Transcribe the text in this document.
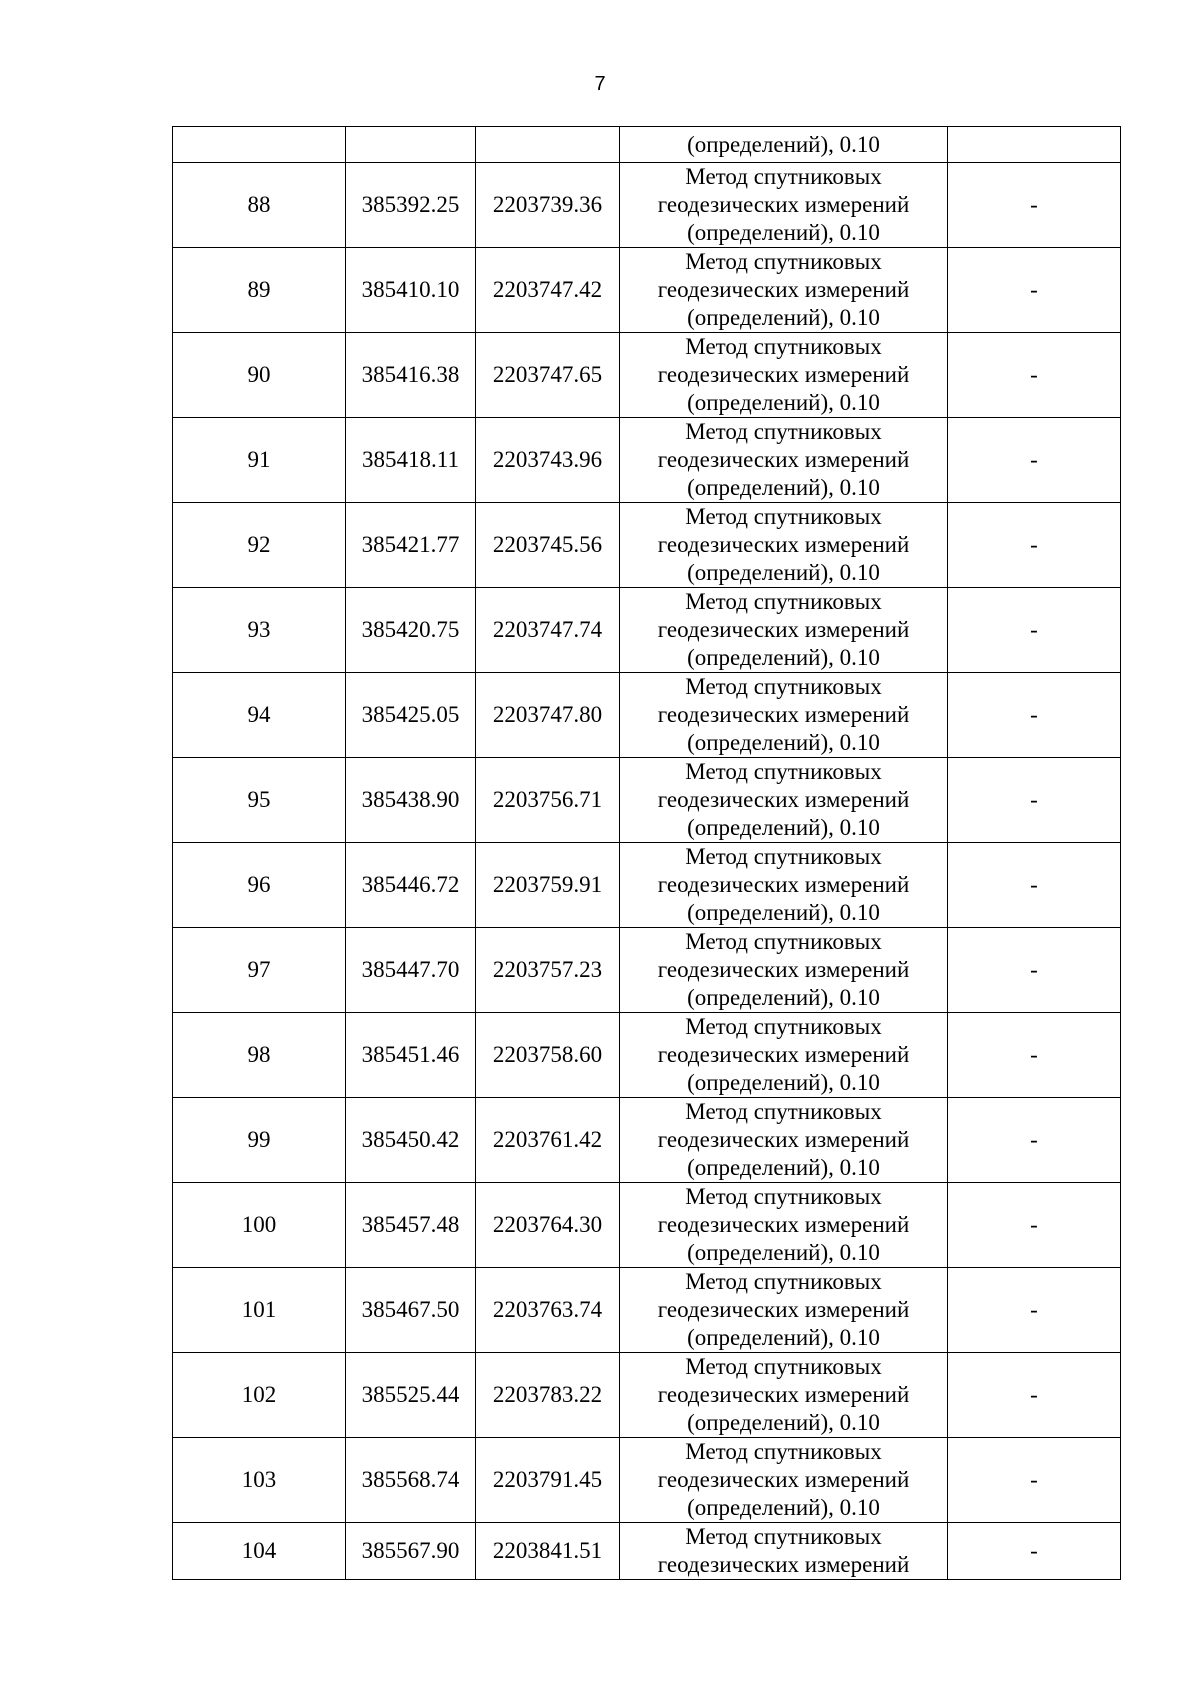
7

			(определений), 0.10	

88	385392.25	2203739.36	Метод спутниковых
геодезических измерений
(определений), 0.10	-
89	385410.10	2203747.42	Метод спутниковых
геодезических измерений
(определений), 0.10	-
90	385416.38	2203747.65	Метод спутниковых
геодезических измерений
(определений), 0.10	-
91	385418.11	2203743.96	Метод спутниковых
геодезических измерений
(определений), 0.10	-
92	385421.77	2203745.56	Метод спутниковых
геодезических измерений
(определений), 0.10	-
93	385420.75	2203747.74	Метод спутниковых
геодезических измерений
(определений), 0.10	-
94	385425.05	2203747.80	Метод спутниковых
геодезических измерений
(определений), 0.10	-
95	385438.90	2203756.71	Метод спутниковых
геодезических измерений
(определений), 0.10	-
96	385446.72	2203759.91	Метод спутниковых
геодезических измерений
(определений), 0.10	-
97	385447.70	2203757.23	Метод спутниковых
геодезических измерений
(определений), 0.10	-
98	385451.46	2203758.60	Метод спутниковых
геодезических измерений
(определений), 0.10	-
99	385450.42	2203761.42	Метод спутниковых
геодезических измерений
(определений), 0.10	-
100	385457.48	2203764.30	Метод спутниковых
геодезических измерений
(определений), 0.10	-
101	385467.50	2203763.74	Метод спутниковых
геодезических измерений
(определений), 0.10	-
102	385525.44	2203783.22	Метод спутниковых
геодезических измерений
(определений), 0.10	-
103	385568.74	2203791.45	Метод спутниковых
геодезических измерений
(определений), 0.10	-
104	385567.90	2203841.51	Метод спутниковых
геодезических измерений	-
